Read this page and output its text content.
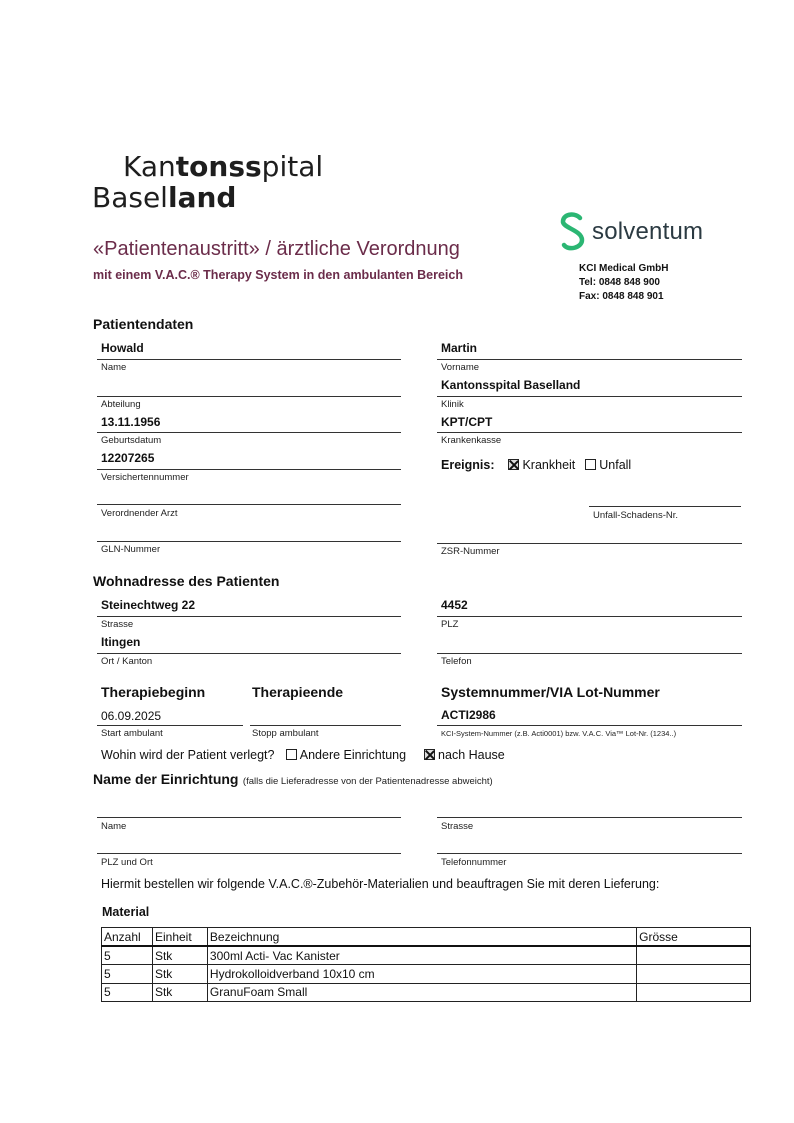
Kantonsspital
Baselland
«Patientenaustritt» / ärztliche Verordnung
mit einem V.A.C.® Therapy System in den ambulanten Bereich
solventum
KCI Medical GmbH
Tel: 0848 848 900
Fax: 0848 848 901
Patientendaten
Howald
Name
Martin
Vorname
Abteilung
Kantonsspital Baselland
Klinik
13.11.1956
Geburtsdatum
KPT/CPT
Krankenkasse
12207265
Versichertennummer
Ereignis: Krankheit Unfall
Verordnender Arzt	Unfall-Schadens-Nr.
GLN-Nummer	ZSR-Nummer
Wohnadresse des Patienten
Steinechtweg 22
Strasse
4452
PLZ
Itingen
Ort / Kanton	Telefon
Therapiebeginn	Therapieende	Systemnummer/VIA Lot-Nummer
06.09.2025
Start ambulant	Stopp ambulant
ACTI2986
KCI-System-Nummer (z.B. Acti0001) bzw. V.A.C. Via™ Lot-Nr. (1234..)
Wohin wird der Patient verlegt? Andere Einrichtung	nach Hause
Name der Einrichtung (falls die Lieferadresse von der Patientenadresse abweicht)
Name	Strasse
PLZ und Ort	Telefonnummer
Hiermit bestellen wir folgende V.A.C.®-Zubehör-Materialien und beauftragen Sie mit deren Lieferung:
Material
Anzahl	Einheit	Bezeichnung	Grösse
5	Stk	300ml Acti- Vac Kanister	
5	Stk	Hydrokolloidverband 10x10 cm	
5	Stk	GranuFoam Small	
